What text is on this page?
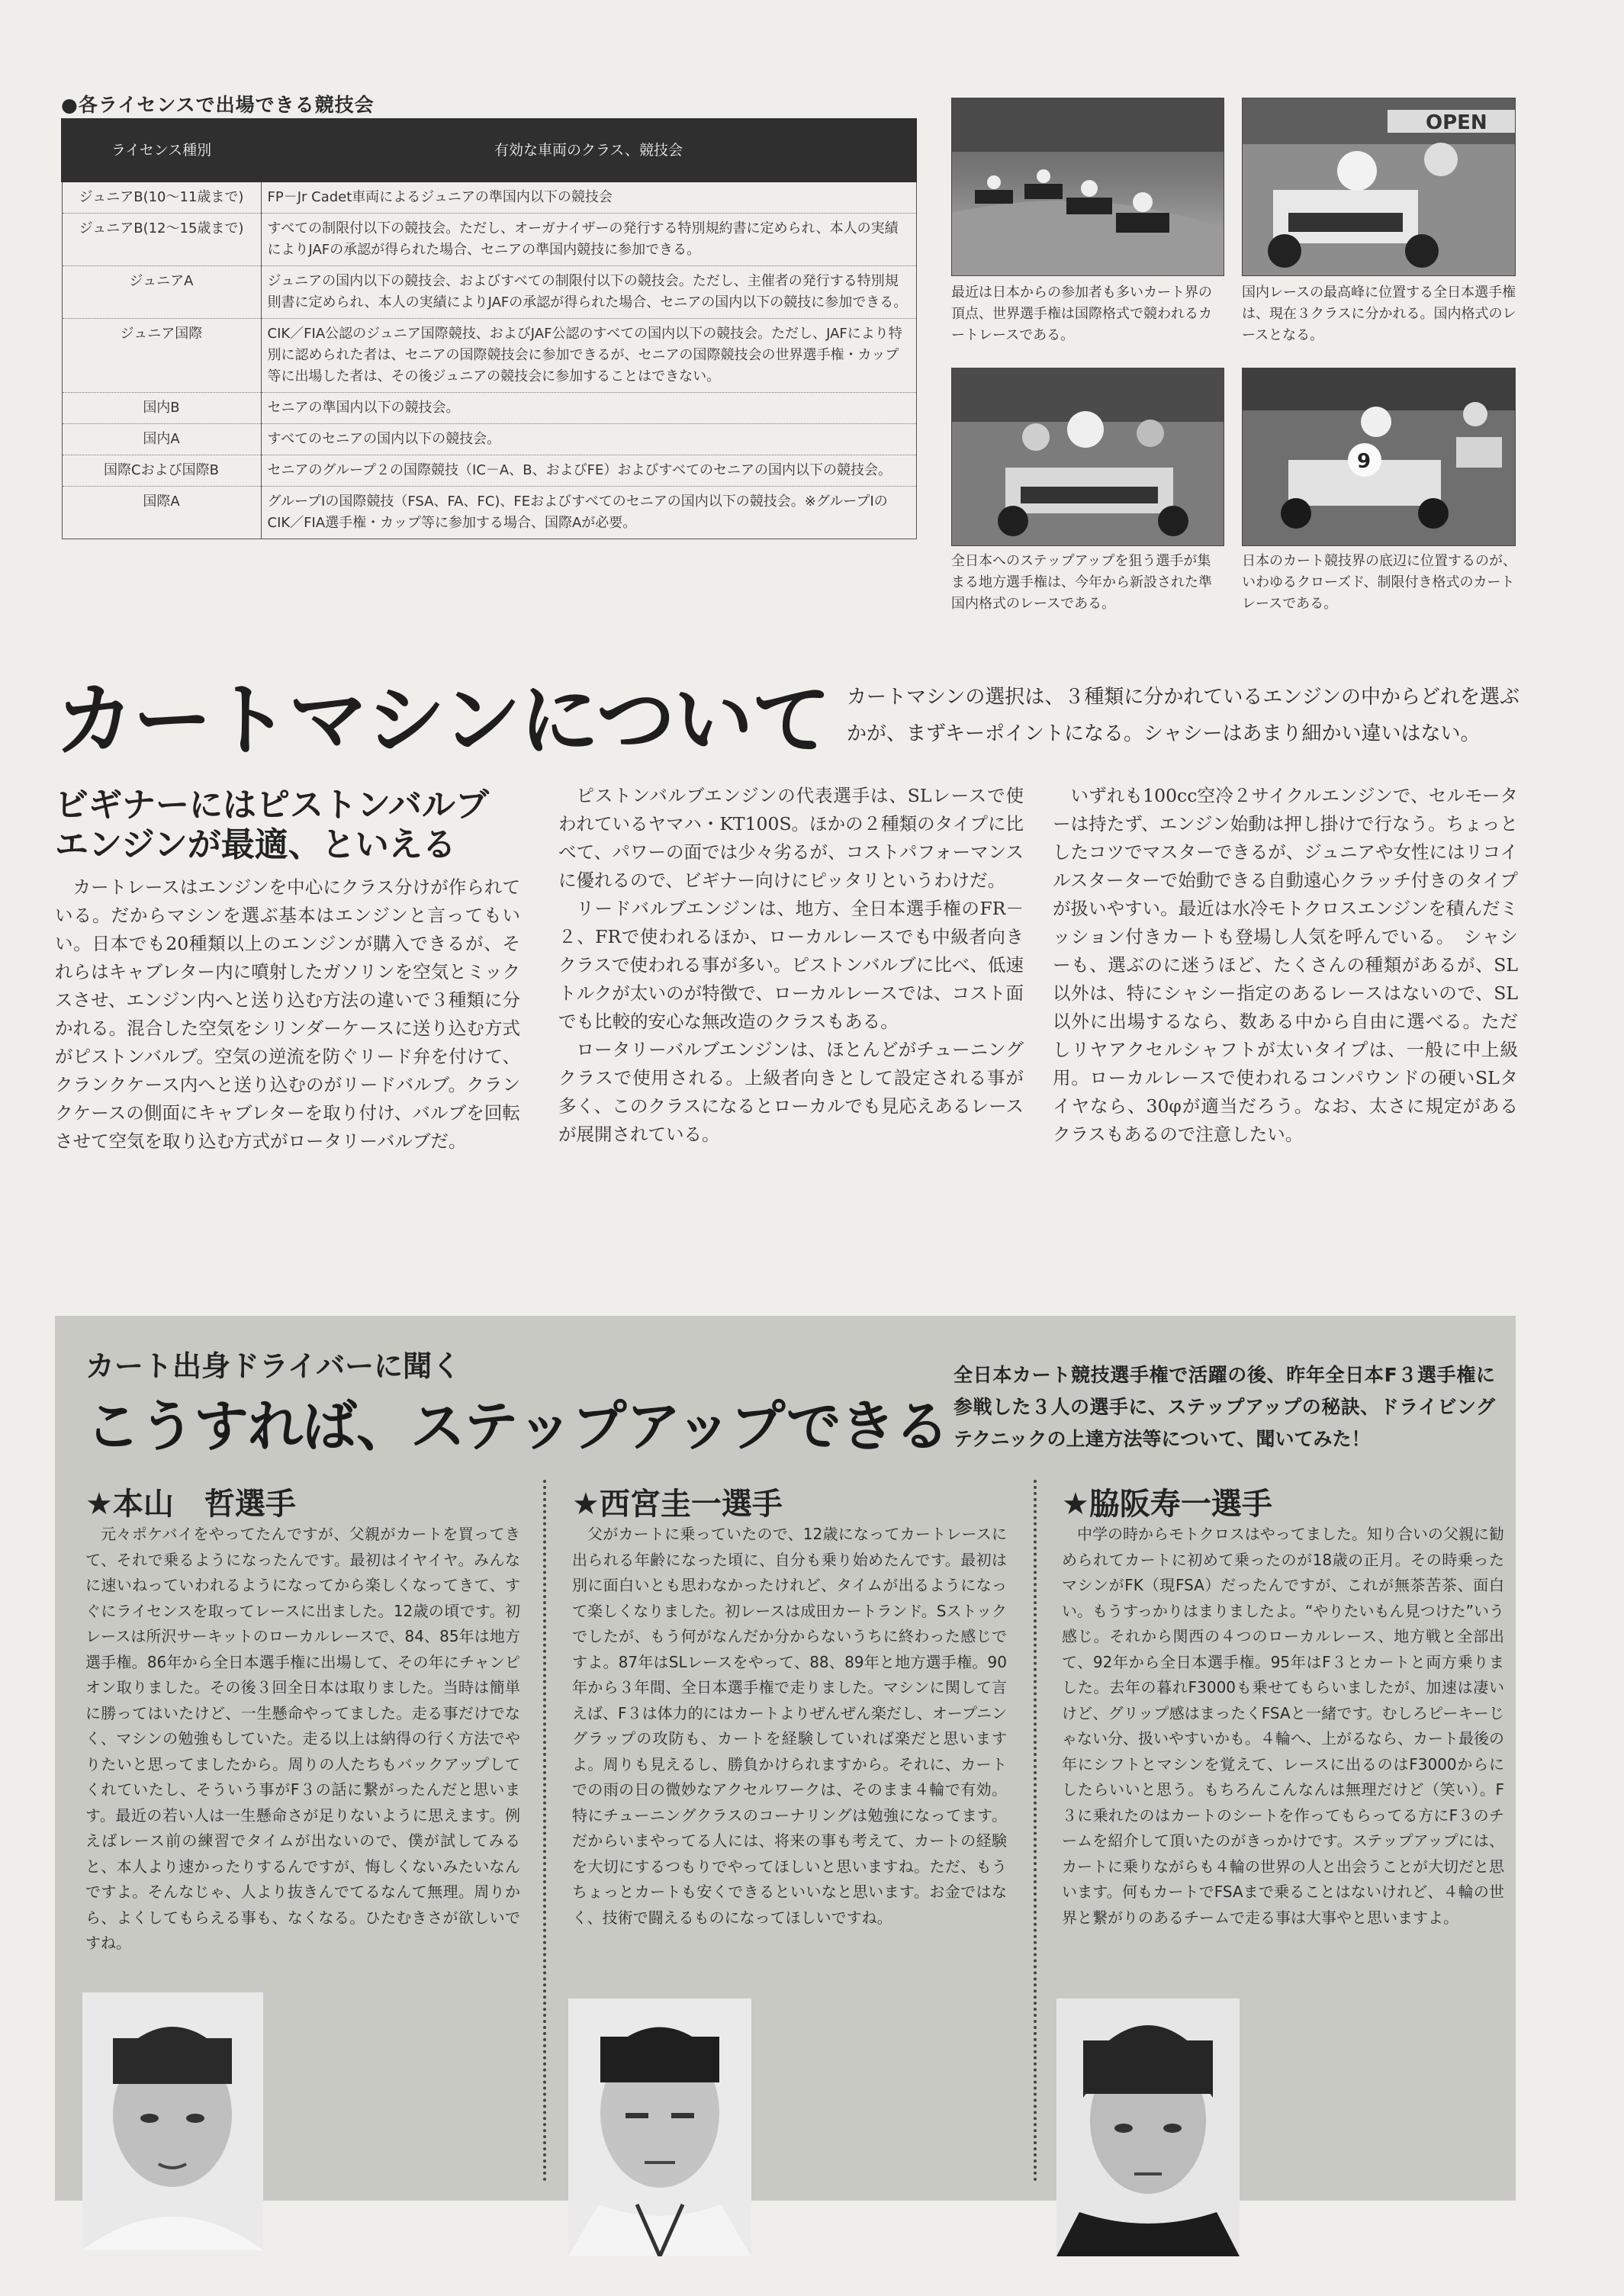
●各ライセンスで出場できる競技会
ライセンス種別	有効な車両のクラス、競技会
ジュニアB(10～11歳まで)	FP－Jr Cadet車両によるジュニアの準国内以下の競技会
ジュニアB(12～15歳まで)	すべての制限付以下の競技会。ただし、オーガナイザーの発行する特別規約書に定められ、本人の実績によりJAFの承認が得られた場合、セニアの準国内競技に参加できる。
ジュニアA	ジュニアの国内以下の競技会、およびすべての制限付以下の競技会。ただし、主催者の発行する特別規則書に定められ、本人の実績によりJAFの承認が得られた場合、セニアの国内以下の競技に参加できる。
ジュニア国際	CIK／FIA公認のジュニア国際競技、およびJAF公認のすべての国内以下の競技会。ただし、JAFにより特別に認められた者は、セニアの国際競技会に参加できるが、セニアの国際競技会の世界選手権・カップ等に出場した者は、その後ジュニアの競技会に参加することはできない。
国内B	セニアの準国内以下の競技会。
国内A	すべてのセニアの国内以下の競技会。
国際Cおよび国際B	セニアのグループ２の国際競技（IC－A、B、およびFE）およびすべてのセニアの国内以下の競技会。
国際A	グループⅠの国際競技（FSA、FA、FC)、FEおよびすべてのセニアの国内以下の競技会。※グループⅠのCIK／FIA選手権・カップ等に参加する場合、国際Aが必要。
最近は日本からの参加者も多いカート界の頂点、世界選手権は国際格式で競われるカートレースである。
OPEN
国内レースの最高峰に位置する全日本選手権は、現在３クラスに分かれる。国内格式のレースとなる。
全日本へのステップアップを狙う選手が集まる地方選手権は、今年から新設された準国内格式のレースである。
9
日本のカート競技界の底辺に位置するのが、いわゆるクローズド、制限付き格式のカートレースである。
カートマシンについて カートマシンの選択は、３種類に分かれているエンジンの中からどれを選ぶかが、まずキーポイントになる。シャシーはあまり細かい違いはない。
ビギナーにはピストンバルブ
エンジンが最適、といえる

カートレースはエンジンを中心にクラス分けが作られている。だからマシンを選ぶ基本はエンジンと言ってもいい。日本でも20種類以上のエンジンが購入できるが、それらはキャブレター内に噴射したガソリンを空気とミックスさせ、エンジン内へと送り込む方法の違いで３種類に分かれる。混合した空気をシリンダーケースに送り込む方式がピストンバルブ。空気の逆流を防ぐリード弁を付けて、クランクケース内へと送り込むのがリードバルブ。クランクケースの側面にキャブレターを取り付け、バルブを回転させて空気を取り込む方式がロータリーバルブだ。

ピストンバルブエンジンの代表選手は、SLレースで使われているヤマハ・KT100S。ほかの２種類のタイプに比べて、パワーの面では少々劣るが、コストパフォーマンスに優れるので、ビギナー向けにピッタリというわけだ。

リードバルブエンジンは、地方、全日本選手権のFR－２、FRで使われるほか、ローカルレースでも中級者向きクラスで使われる事が多い。ピストンバルブに比べ、低速トルクが太いのが特徴で、ローカルレースでは、コスト面でも比較的安心な無改造のクラスもある。

ロータリーバルブエンジンは、ほとんどがチューニングクラスで使用される。上級者向きとして設定される事が多く、このクラスになるとローカルでも見応えあるレースが展開されている。

いずれも100cc空冷２サイクルエンジンで、セルモーターは持たず、エンジン始動は押し掛けで行なう。ちょっとしたコツでマスターできるが、ジュニアや女性にはリコイルスターターで始動できる自動遠心クラッチ付きのタイプが扱いやすい。最近は水冷モトクロスエンジンを積んだミッション付きカートも登場し人気を呼んでいる。　シャシーも、選ぶのに迷うほど、たくさんの種類があるが、SL以外は、特にシャシー指定のあるレースはないので、SL以外に出場するなら、数ある中から自由に選べる。ただしリヤアクセルシャフトが太いタイプは、一般に中上級用。ローカルレースで使われるコンパウンドの硬いSLタイヤなら、30φが適当だろう。なお、太さに規定があるクラスもあるので注意したい。

カート出身ドライバーに聞く
こうすれば、ステップアップできる
全日本カート競技選手権で活躍の後、昨年全日本F３選手権に参戦した３人の選手に、ステップアップの秘訣、ドライビングテクニックの上達方法等について、聞いてみた！
★本山　哲選手

元々ポケバイをやってたんですが、父親がカートを買ってきて、それで乗るようになったんです。最初はイヤイヤ。みんなに速いねっていわれるようになってから楽しくなってきて、すぐにライセンスを取ってレースに出ました。12歳の頃です。初レースは所沢サーキットのローカルレースで、84、85年は地方選手権。86年から全日本選手権に出場して、その年にチャンピオン取りました。その後３回全日本は取りました。当時は簡単に勝ってはいたけど、一生懸命やってました。走る事だけでなく、マシンの勉強もしていた。走る以上は納得の行く方法でやりたいと思ってましたから。周りの人たちもバックアップしてくれていたし、そういう事がF３の話に繋がったんだと思います。最近の若い人は一生懸命さが足りないように思えます。例えばレース前の練習でタイムが出ないので、僕が試してみると、本人より速かったりするんですが、悔しくないみたいなんですよ。そんなじゃ、人より抜きんでてるなんて無理。周りから、よくしてもらえる事も、なくなる。ひたむきさが欲しいですね。

★西宮圭一選手

父がカートに乗っていたので、12歳になってカートレースに出られる年齢になった頃に、自分も乗り始めたんです。最初は別に面白いとも思わなかったけれど、タイムが出るようになって楽しくなりました。初レースは成田カートランド。Sストックでしたが、もう何がなんだか分からないうちに終わった感じですよ。87年はSLレースをやって、88、89年と地方選手権。90年から３年間、全日本選手権で走りました。マシンに関して言えば、F３は体力的にはカートよりぜんぜん楽だし、オープニングラップの攻防も、カートを経験していれば楽だと思いますよ。周りも見えるし、勝負かけられますから。それに、カートでの雨の日の微妙なアクセルワークは、そのまま４輪で有効。特にチューニングクラスのコーナリングは勉強になってます。だからいまやってる人には、将来の事も考えて、カートの経験を大切にするつもりでやってほしいと思いますね。ただ、もうちょっとカートも安くできるといいなと思います。お金ではなく、技術で闘えるものになってほしいですね。

★脇阪寿一選手

中学の時からモトクロスはやってました。知り合いの父親に勧められてカートに初めて乗ったのが18歳の正月。その時乗ったマシンがFK（現FSA）だったんですが、これが無茶苦茶、面白い。もうすっかりはまりましたよ。“やりたいもん見つけた”いう感じ。それから関西の４つのローカルレース、地方戦と全部出て、92年から全日本選手権。95年はF３とカートと両方乗りました。去年の暮れF3000も乗せてもらいましたが、加速は凄いけど、グリップ感はまったくFSAと一緒です。むしろピーキーじゃない分、扱いやすいかも。４輪へ、上がるなら、カート最後の年にシフトとマシンを覚えて、レースに出るのはF3000からにしたらいいと思う。もちろんこんなんは無理だけど（笑い）。F３に乗れたのはカートのシートを作ってもらってる方にF３のチームを紹介して頂いたのがきっかけです。ステップアップには、カートに乗りながらも４輪の世界の人と出会うことが大切だと思います。何もカートでFSAまで乗ることはないけれど、４輪の世界と繋がりのあるチームで走る事は大事やと思いますよ。
